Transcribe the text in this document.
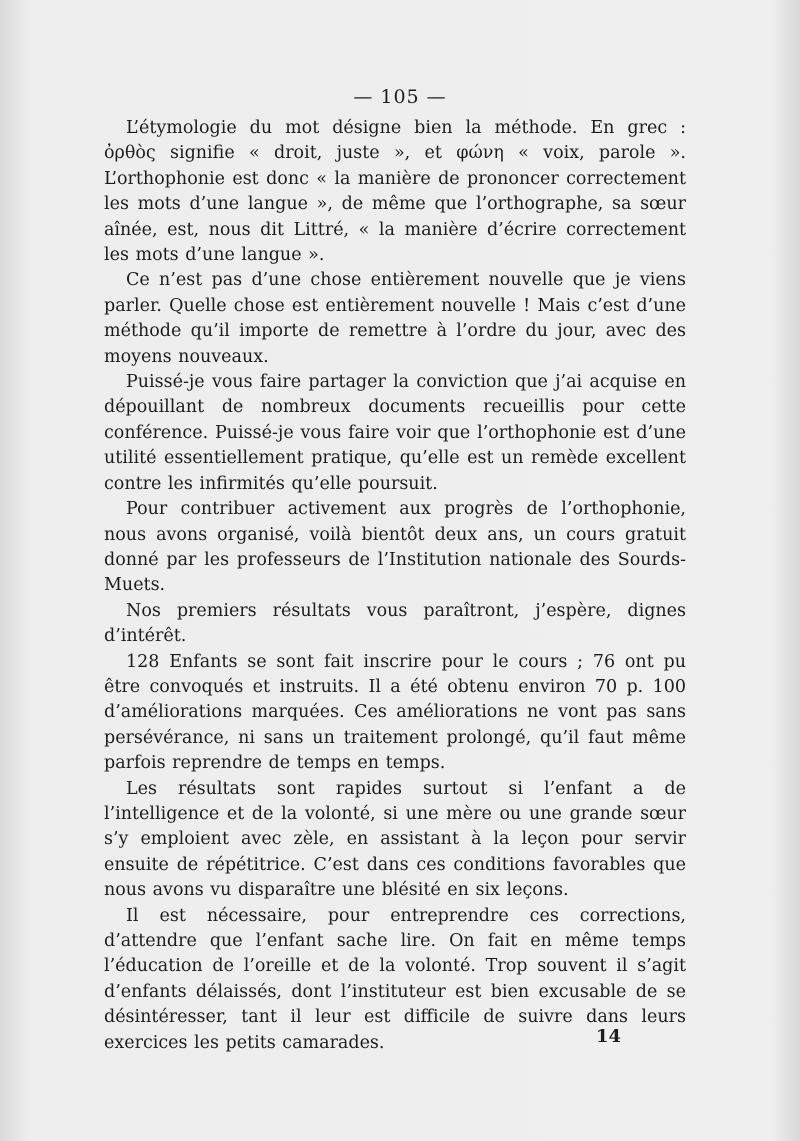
— 105 —

L’étymologie du mot désigne bien la méthode. En grec : ὀρθὸς signifie « droit, juste », et φώνη « voix, parole ». L’orthophonie est donc « la manière de prononcer correctement les mots d’une langue », de même que l’orthographe, sa sœur aînée, est, nous dit Littré, « la manière d’écrire correctement les mots d’une langue ».

Ce n’est pas d’une chose entièrement nouvelle que je viens parler. Quelle chose est entièrement nouvelle ! Mais c’est d’une méthode qu’il importe de remettre à l’ordre du jour, avec des moyens nouveaux.

Puissé-je vous faire partager la conviction que j’ai acquise en dépouillant de nombreux documents recueillis pour cette conférence. Puissé-je vous faire voir que l’orthophonie est d’une utilité essentiellement pratique, qu’elle est un remède excellent contre les infirmités qu’elle poursuit.

Pour contribuer activement aux progrès de l’orthophonie, nous avons organisé, voilà bientôt deux ans, un cours gratuit donné par les professeurs de l’Institution nationale des Sourds-Muets.

Nos premiers résultats vous paraîtront, j’espère, dignes d’intérêt.

128 Enfants se sont fait inscrire pour le cours ; 76 ont pu être convoqués et instruits. Il a été obtenu environ 70 p. 100 d’améliorations marquées. Ces améliorations ne vont pas sans persévérance, ni sans un traitement prolongé, qu’il faut même parfois reprendre de temps en temps.

Les résultats sont rapides surtout si l’enfant a de l’intelligence et de la volonté, si une mère ou une grande sœur s’y emploient avec zèle, en assistant à la leçon pour servir ensuite de répétitrice. C’est dans ces conditions favorables que nous avons vu disparaître une blésité en six leçons.

Il est nécessaire, pour entreprendre ces corrections, d’attendre que l’enfant sache lire. On fait en même temps l’éducation de l’oreille et de la volonté. Trop souvent il s’agit d’enfants délaissés, dont l’instituteur est bien excusable de se désintéresser, tant il leur est difficile de suivre dans leurs exercices les petits camarades.	14
